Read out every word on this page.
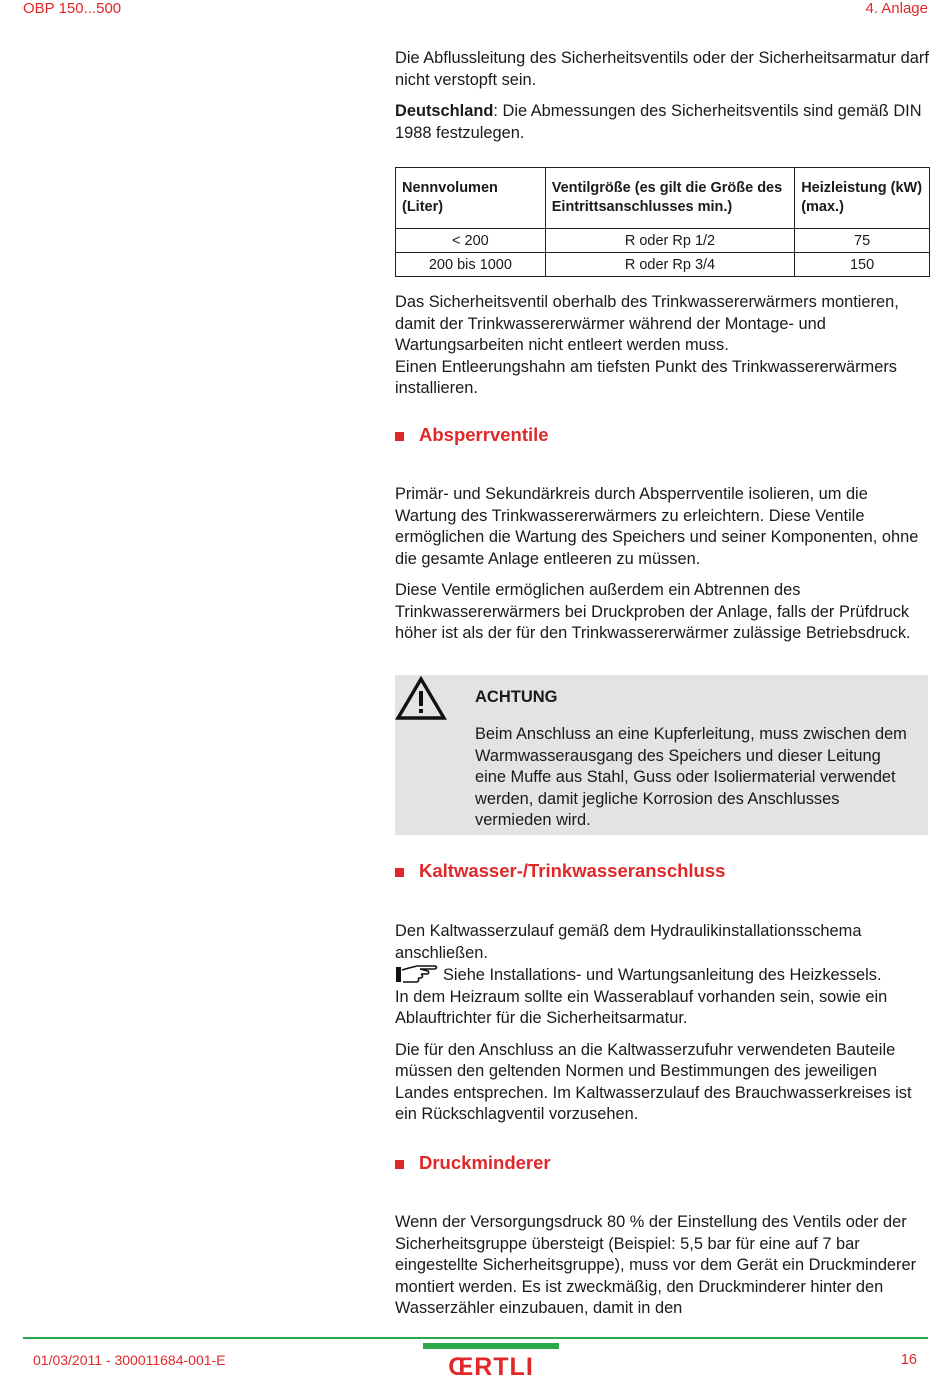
OBP 150...500	4. Anlage

Die Abflussleitung des Sicherheitsventils oder der Sicherheitsarmatur darf nicht verstopft sein.

Deutschland: Die Abmessungen des Sicherheitsventils sind gemäß DIN 1988 festzulegen.

Nennvolumen (Liter)	Ventilgröße (es gilt die Größe des Eintrittsanschlusses min.)	Heizleistung (kW) (max.)
< 200	R oder Rp 1/2	75
200 bis 1000	R oder Rp 3/4	150

Das Sicherheitsventil oberhalb des Trinkwassererwärmers montieren, damit der Trinkwassererwärmer während der Montage- und Wartungsarbeiten nicht entleert werden muss.

Einen Entleerungshahn am tiefsten Punkt des Trinkwassererwärmers installieren.

Absperrventile

Primär- und Sekundärkreis durch Absperrventile isolieren, um die Wartung des Trinkwassererwärmers zu erleichtern. Diese Ventile ermöglichen die Wartung des Speichers und seiner Komponenten, ohne die gesamte Anlage entleeren zu müssen.

Diese Ventile ermöglichen außerdem ein Abtrennen des Trinkwassererwärmers bei Druckproben der Anlage, falls der Prüfdruck höher ist als der für den Trinkwassererwärmer zulässige Betriebsdruck.

ACHTUNG
Beim Anschluss an eine Kupferleitung, muss zwischen dem Warmwasserausgang des Speichers und dieser Leitung eine Muffe aus Stahl, Guss oder Isoliermaterial verwendet werden, damit jegliche Korrosion des Anschlusses vermieden wird.
Kaltwasser-/Trinkwasseranschluss

Den Kaltwasserzulauf gemäß dem Hydraulikinstallationsschema anschließen.

Siehe Installations- und Wartungsanleitung des Heizkessels.

In dem Heizraum sollte ein Wasserablauf vorhanden sein, sowie ein Ablauftrichter für die Sicherheitsarmatur.

Die für den Anschluss an die Kaltwasserzufuhr verwendeten Bauteile müssen den geltenden Normen und Bestimmungen des jeweiligen Landes entsprechen. Im Kaltwasserzulauf des Brauchwasserkreises ist ein Rückschlagventil vorzusehen.

Druckminderer

Wenn der Versorgungsdruck 80 % der Einstellung des Ventils oder der Sicherheitsgruppe übersteigt (Beispiel: 5,5 bar für eine auf 7 bar eingestellte Sicherheitsgruppe), muss vor dem Gerät ein Druckminderer montiert werden. Es ist zweckmäßig, den Druckminderer hinter den Wasserzähler einzubauen, damit in den

01/03/2011 - 300011684-001-E	ŒRTLI	16
